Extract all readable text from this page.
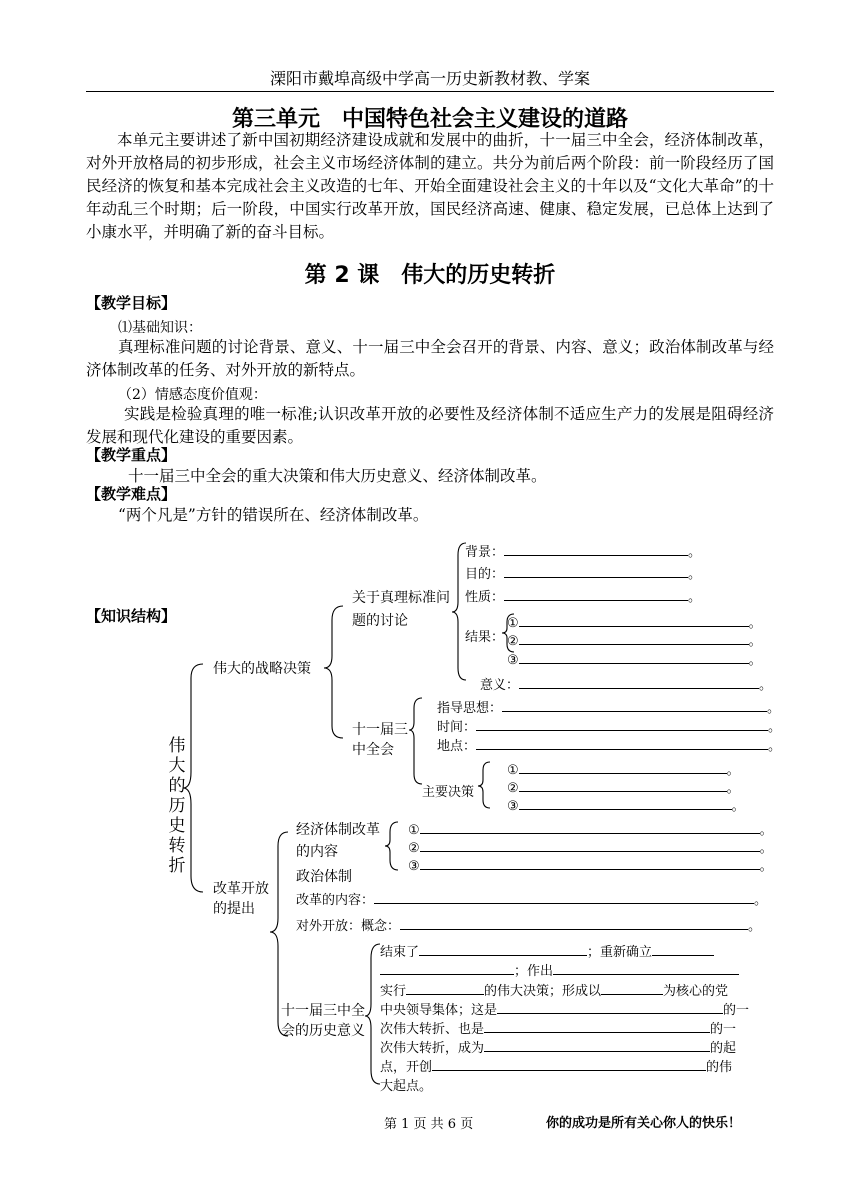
溧阳市戴埠高级中学高一历史新教材教、学案
第三单元　中国特色社会主义建设的道路

本单元主要讲述了新中国初期经济建设成就和发展中的曲折，十一届三中全会，经济体制改革，对外开放格局的初步形成，社会主义市场经济体制的建立。共分为前后两个阶段：前一阶段经历了国民经济的恢复和基本完成社会主义改造的七年、开始全面建设社会主义的十年以及“文化大革命”的十年动乱三个时期；后一阶段，中国实行改革开放，国民经济高速、健康、稳定发展，已总体上达到了小康水平，并明确了新的奋斗目标。

第 2 课　伟大的历史转折
【教学目标】
⑴基础知识：

真理标准问题的讨论背景、意义、十一届三中全会召开的背景、内容、意义；政治体制改革与经济体制改革的任务、对外开放的新特点。

（2）情感态度价值观：

实践是检验真理的唯一标准;认识改革开放的必要性及经济体制不适应生产力的发展是阻碍经济发展和现代化建设的重要因素。

【教学重点】
十一届三中全会的重大决策和伟大历史意义、经济体制改革。
【教学难点】
“两个凡是”方针的错误所在、经济体制改革。
【知识结构】
伟大的历史转折
伟大的战略决策
关于真理标准问
题的讨论
背景：	。
目的：	。
性质：	。
结果：
①	。
②	。
③	。
意义：	。
十一届三
中全会
指导思想：	。
时间：	。
地点：	。
主要决策
①	。
②	。
③	。
改革开放
的提出
经济体制改革
的内容
①	。
②	。
③	。
政治体制
改革的内容：	。
对外开放：概念：	。
十一届三中全
会的历史意义
结束了	；重新确立
；作出
实行	的伟大决策；形成以	为核心的党
中央领导集体；这是	的一
次伟大转折、也是	的一
次伟大转折，成为	的起
点，开创	的伟
大起点。
第 1 页 共 6 页	你的成功是所有关心你人的快乐！
